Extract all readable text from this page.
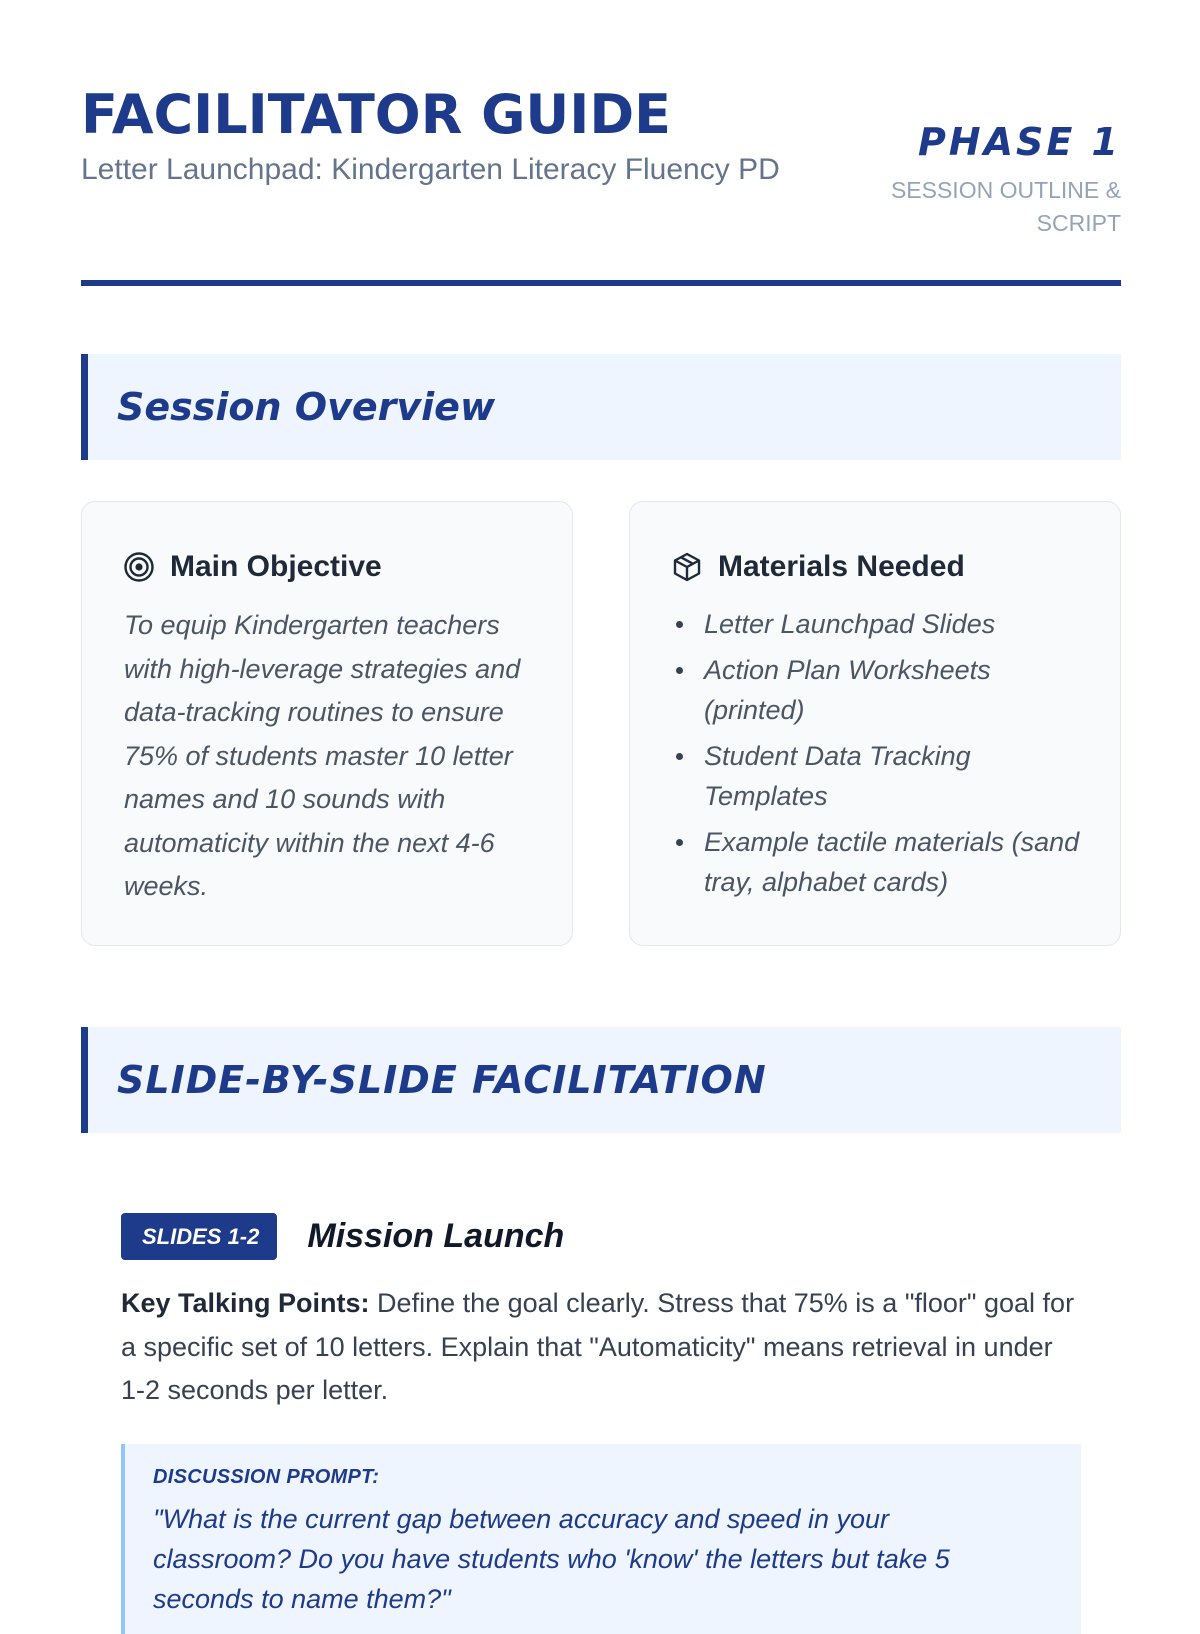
FACILITATOR GUIDE

Letter Launchpad: Kindergarten Literacy Fluency PD

PHASE 1

SESSION OUTLINE & SCRIPT

Session Overview
Main Objective

To equip Kindergarten teachers with high-leverage strategies and data-tracking routines to ensure 75% of students master 10 letter names and 10 sounds with automaticity within the next 4-6 weeks.

Materials Needed
Letter Launchpad Slides
Action Plan Worksheets (printed)
Student Data Tracking Templates
Example tactile materials (sand tray, alphabet cards)
SLIDE-BY-SLIDE FACILITATION
SLIDES 1-2	Mission Launch

Key Talking Points: Define the goal clearly. Stress that 75% is a "floor" goal for a specific set of 10 letters. Explain that "Automaticity" means retrieval in under 1-2 seconds per letter.

DISCUSSION PROMPT:

"What is the current gap between accuracy and speed in your classroom? Do you have students who 'know' the letters but take 5 seconds to name them?"
